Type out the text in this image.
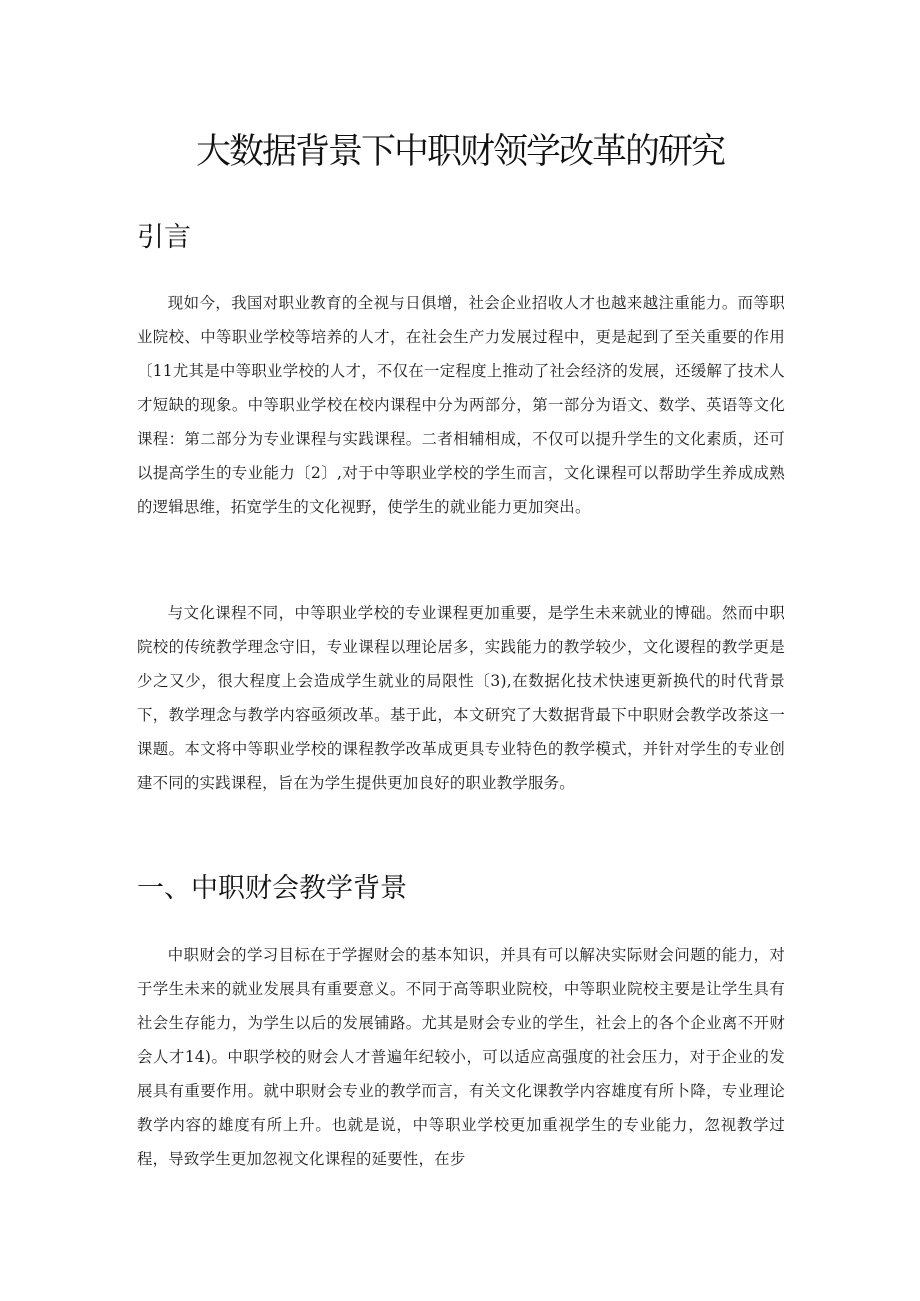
大数据背景下中职财领学改革的研究
引言

现如今，我国对职业教育的全视与日俱增，社会企业招收人才也越来越注重能力。而等职业院校、中等职业学校等培养的人才，在社会生产力发展过程中，更是起到了至关重要的作用〔11尤其是中等职业学校的人才，不仅在一定程度上推动了社会经济的发展，还缓解了技术人才短缺的现象。中等职业学校在校内课程中分为两部分，第一部分为语文、数学、英语等文化课程：第二部分为专业课程与实践课程。二者相辅相成，不仅可以提升学生的文化素质，还可以提高学生的专业能力〔2〕,对于中等职业学校的学生而言，文化课程可以帮助学生养成成熟的逻辑思维，拓宽学生的文化视野，使学生的就业能力更加突出。

与文化课程不同，中等职业学校的专业课程更加重要，是学生未来就业的博础。然而中职院校的传统教学理念守旧，专业课程以理论居多，实践能力的教学较少，文化谡程的教学更是少之又少，很大程度上会造成学生就业的局限性〔3),在数据化技术快速更新换代的时代背景下，教学理念与教学内容亟须改革。基于此，本文研究了大数据背最下中职财会教学改茶这一课题。本文将中等职业学校的课程教学改革成更具专业特色的教学模式，并针对学生的专业创建不同的实践课程，旨在为学生提供更加良好的职业教学服务。

一、中职财会教学背景

中职财会的学习目标在于学握财会的基本知识，并具有可以解决实际财会问题的能力，对于学生未来的就业发展具有重要意义。不同于高等职业院校，中等职业院校主要是让学生具有社会生存能力，为学生以后的发展铺路。尤其是财会专业的学生，社会上的各个企业离不开财会人才14)。中职学校的财会人才普遍年纪较小，可以适应高强度的社会压力，对于企业的发展具有重要作用。就中职财会专业的教学而言，有关文化课教学内容雄度有所卜降，专业理论教学内容的雄度有所上升。也就是说，中等职业学校更加重视学生的专业能力，忽视教学过程，导致学生更加忽视文化课程的延要性，在步
